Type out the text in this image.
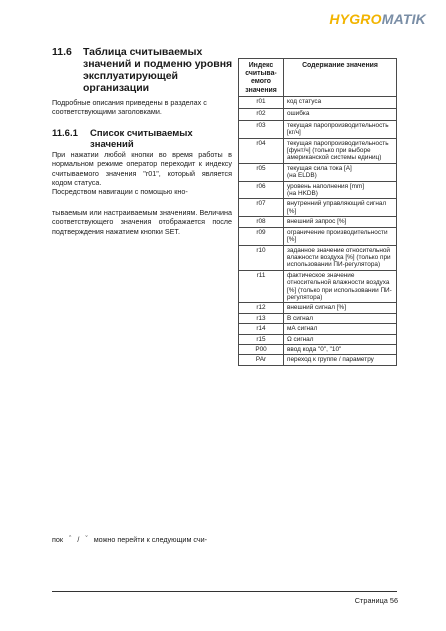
HYGROMATIK
11.6 Таблица считываемых значений и подменю уровня эксплуатирующей организации
Подробные описания приведены в разделах с соответствующими заголовками.
11.6.1 Список считываемых значений
При нажатии любой кнопки во время работы в нормальном режиме оператор переходит к индексу считываемого значения "r01", который является кодом статуса.
Посредством навигации с помощью кно-
тываемым или настраиваемым значениям. Величина соответствующего значения отображается после подтверждения нажатием кнопки SET.
пок ˆ / ˇ можно перейти к следующим счи-
Индекс считыва-емого значения	Содержание значения
r01	код статуса
r02	ошибка
r03	текущая паропроизводительность [кг/ч]
r04	текущая паропроизводительность [фунт/ч] (только при выборе американской системы единиц)
r05	текущая сила тока [A]
(на ELDB)
r06	уровень наполнения [mm]
(на HKDB)
r07	внутренний управляющий сигнал [%]
r08	внешний запрос [%]
r09	ограничение производительности [%]
r10	заданное значение относительной влажности воздуха [%] (только при использовании ПИ-регулятора)
r11	фактическое значение относительной влажности воздуха [%] (только при использовании ПИ-регулятора)
r12	внешний сигнал [%]
r13	В сигнал
r14	мА сигнал
r15	Ω сигнал
P00	ввод кода "0", "10"
PAr	переход к группе / параметру
Страница 56
